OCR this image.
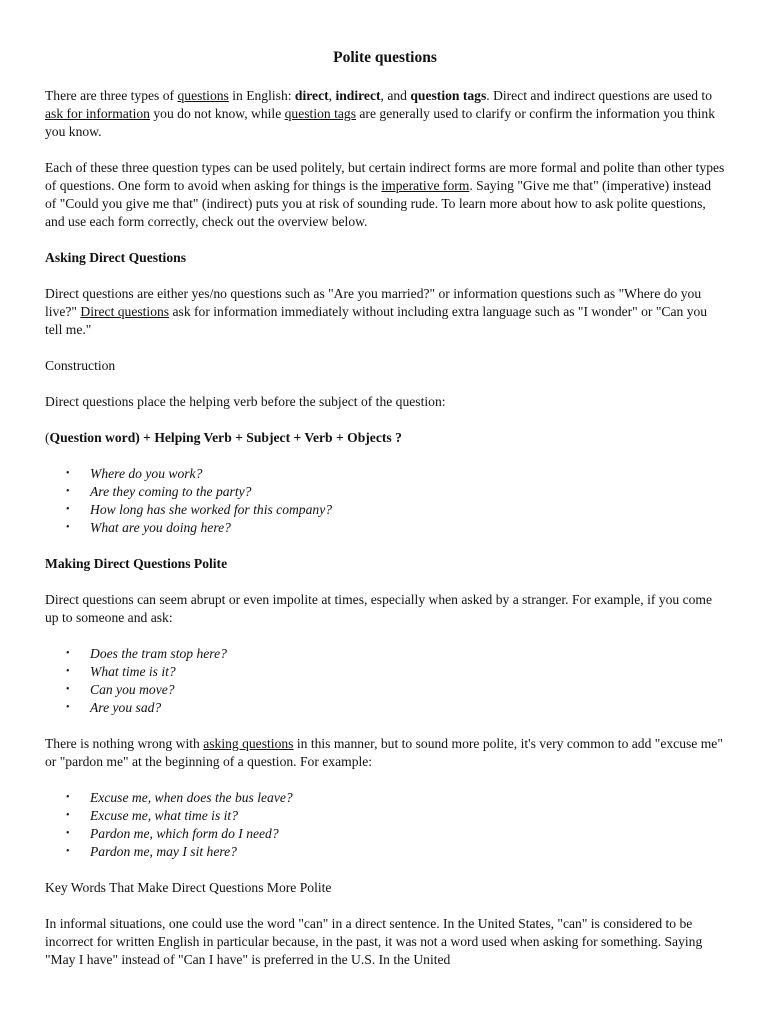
Polite questions

There are three types of questions in English: direct, indirect, and question tags. Direct and indirect questions are used to ask for information you do not know, while question tags are generally used to clarify or confirm the information you think you know.

Each of these three question types can be used politely, but certain indirect forms are more formal and polite than other types of questions. One form to avoid when asking for things is the imperative form. Saying "Give me that" (imperative) instead of "Could you give me that" (indirect) puts you at risk of sounding rude. To learn more about how to ask polite questions, and use each form correctly, check out the overview below.

Asking Direct Questions

Direct questions are either yes/no questions such as "Are you married?" or information questions such as "Where do you live?" Direct questions ask for information immediately without including extra language such as "I wonder" or "Can you tell me."

Construction

Direct questions place the helping verb before the subject of the question:

(Question word) + Helping Verb + Subject + Verb + Objects ?

• Where do you work?
• Are they coming to the party?
• How long has she worked for this company?
• What are you doing here?
Making Direct Questions Polite

Direct questions can seem abrupt or even impolite at times, especially when asked by a stranger. For example, if you come up to someone and ask:

• Does the tram stop here?
• What time is it?
• Can you move?
• Are you sad?

There is nothing wrong with asking questions in this manner, but to sound more polite, it's very common to add "excuse me" or "pardon me" at the beginning of a question. For example:

• Excuse me, when does the bus leave?
• Excuse me, what time is it?
• Pardon me, which form do I need?
• Pardon me, may I sit here?

Key Words That Make Direct Questions More Polite

In informal situations, one could use the word "can" in a direct sentence. In the United States, "can" is considered to be incorrect for written English in particular because, in the past, it was not a word used when asking for something. Saying "May I have" instead of "Can I have" is preferred in the U.S. In the United
